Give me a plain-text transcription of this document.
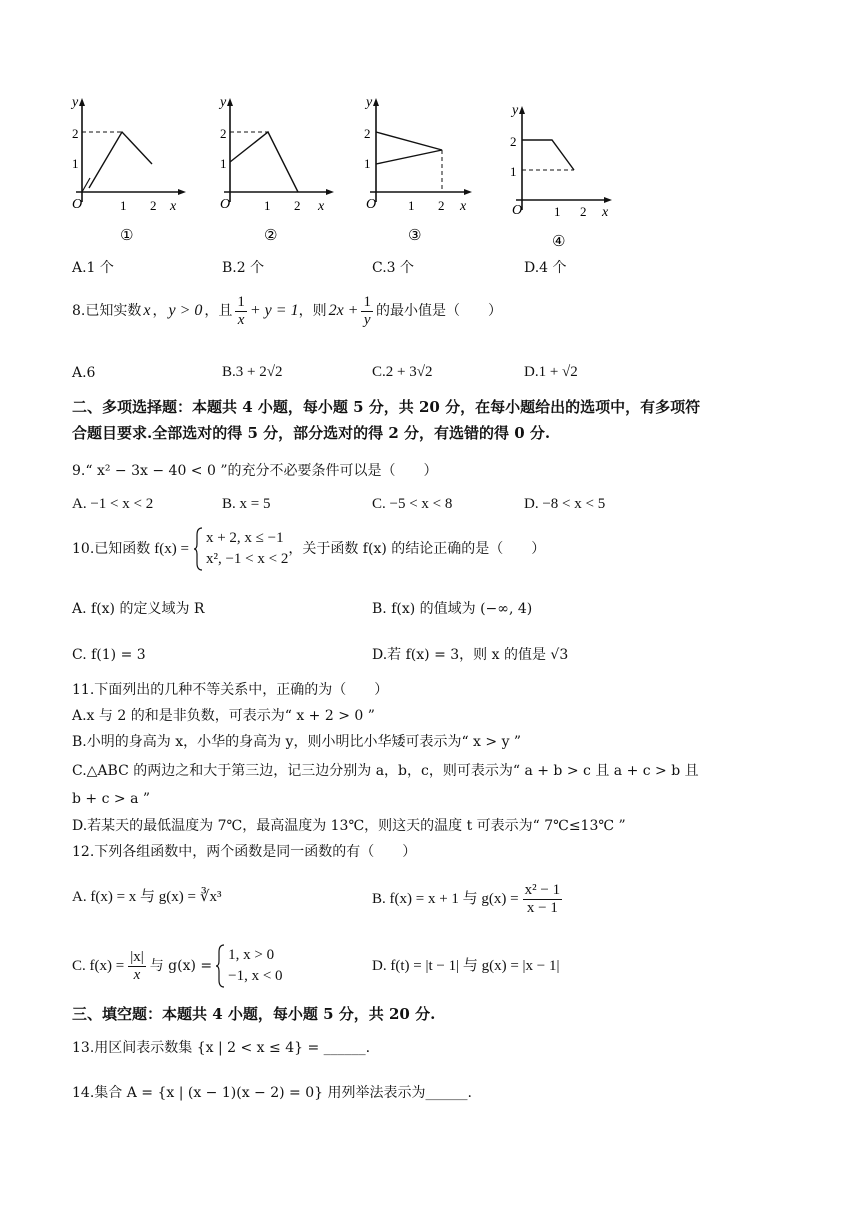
y
x
O
2
1
1 2
①
y
x
O
2
1
1 2
②
y
x
O
2
1
1 2
③
y
x
O
2
1
1 2
④
A.1 个	B.2 个	C.3 个	D.4 个
8.已知实数 x ， y > 0 ，且 $\frac{1}{x} + y = 1$ ，则 $2x + \frac{1}{y}$ 的最小值是（　　）
A.6	B.3 + 2√2	C.2 + 3√2	D.1 + √2
二、多项选择题：本题共 4 小题，每小题 5 分，共 20 分，在每小题给出的选项中，有多项符
合题目要求.全部选对的得 5 分，部分选对的得 2 分，有选错的得 0 分.
9.“ x² − 3x − 40 < 0 ”的充分不必要条件可以是（　　）
A. −1 < x < 2	B. x = 5	C. −5 < x < 8	D. −8 < x < 5
10.已知函数 f(x) =
x + 2, x ≤ −1
x², −1 < x < 2
，关于函数 f(x) 的结论正确的是（　　）
A. f(x) 的定义域为 R	B. f(x) 的值域为 (−∞, 4)
C. f(1) = 3	D.若 f(x) = 3，则 x 的值是 √3
11.下面列出的几种不等关系中，正确的为（　　）
A.x 与 2 的和是非负数，可表示为“ x + 2 > 0 ”
B.小明的身高为 x，小华的身高为 y，则小明比小华矮可表示为“ x > y ”
C.△ABC 的两边之和大于第三边，记三边分别为 a，b，c，则可表示为“ a + b > c 且 a + c > b 且
b + c > a ”
D.若某天的最低温度为 7℃，最高温度为 13℃，则这天的温度 t 可表示为“ 7℃≤13℃ ”
12.下列各组函数中，两个函数是同一函数的有（　　）
A. f(x) = x 与 g(x) = ∛x³	B. f(x) = x + 1 与 $g(x) = \frac{\text{x² − 1}}{x - 1}$
C. $f(x) = \frac{|x|}{x}$ 与 g(x) =
1, x > 0
−1, x < 0
D. f(t) = |t − 1| 与 g(x) = |x − 1|
三、填空题：本题共 4 小题，每小题 5 分，共 20 分.
13.用区间表示数集 {x | 2 < x ≤ 4} = ______.
14.集合 A = {x | (x − 1)(x − 2) = 0} 用列举法表示为______.
